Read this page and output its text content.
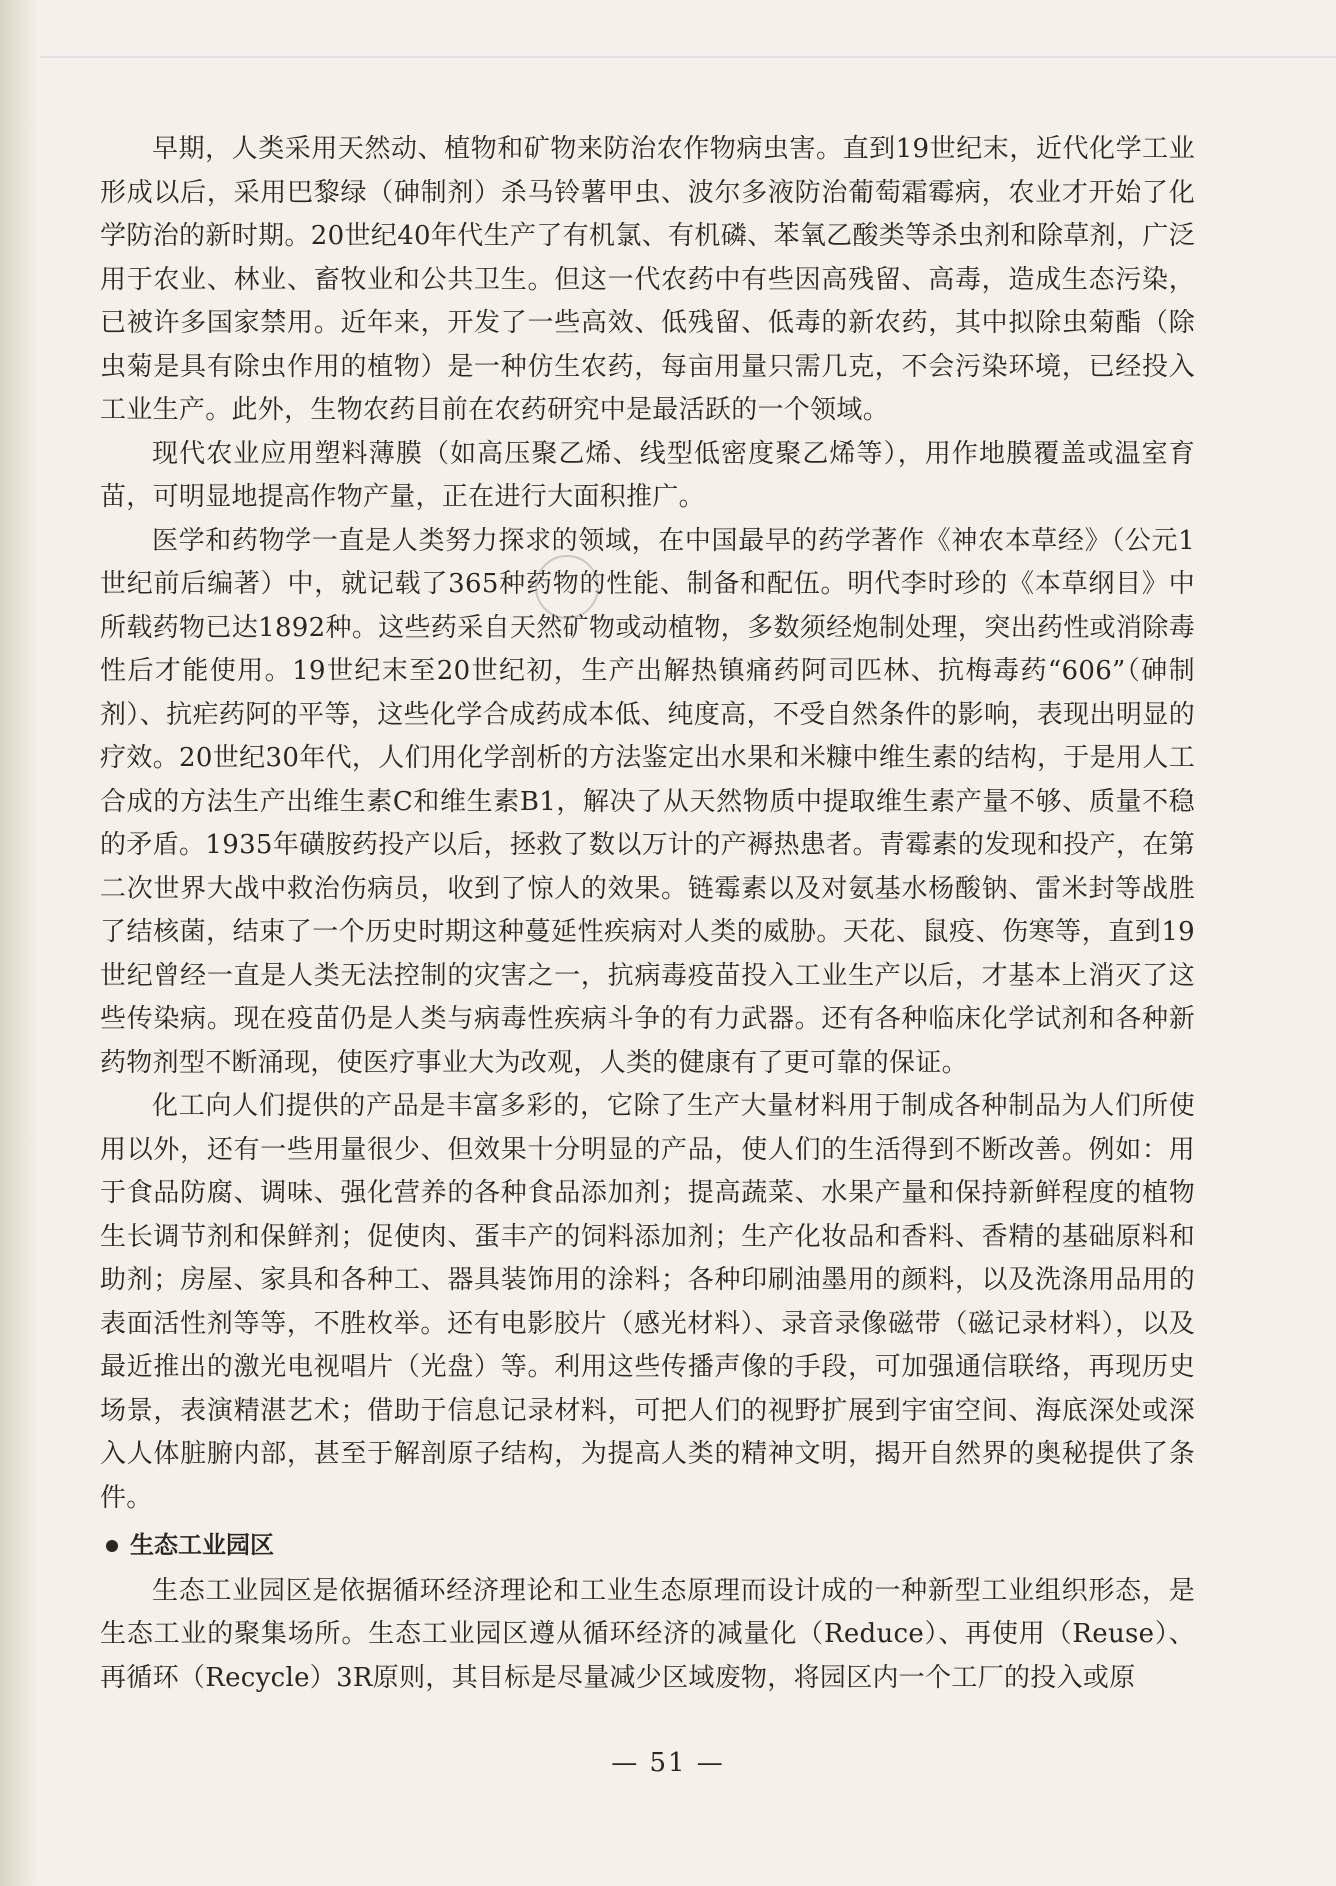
早期，人类采用天然动、植物和矿物来防治农作物病虫害。直到19世纪末，近代化学工业形成以后，采用巴黎绿（砷制剂）杀马铃薯甲虫、波尔多液防治葡萄霜霉病，农业才开始了化学防治的新时期。20世纪40年代生产了有机氯、有机磷、苯氧乙酸类等杀虫剂和除草剂，广泛用于农业、林业、畜牧业和公共卫生。但这一代农药中有些因高残留、高毒，造成生态污染，已被许多国家禁用。近年来，开发了一些高效、低残留、低毒的新农药，其中拟除虫菊酯（除虫菊是具有除虫作用的植物）是一种仿生农药，每亩用量只需几克，不会污染环境，已经投入工业生产。此外，生物农药目前在农药研究中是最活跃的一个领域。

现代农业应用塑料薄膜（如高压聚乙烯、线型低密度聚乙烯等），用作地膜覆盖或温室育苗，可明显地提高作物产量，正在进行大面积推广。

医学和药物学一直是人类努力探求的领域，在中国最早的药学著作《神农本草经》（公元1世纪前后编著）中，就记载了365种药物的性能、制备和配伍。明代李时珍的《本草纲目》中所载药物已达1892种。这些药采自天然矿物或动植物，多数须经炮制处理，突出药性或消除毒性后才能使用。19世纪末至20世纪初，生产出解热镇痛药阿司匹林、抗梅毒药“606”（砷制剂）、抗疟药阿的平等，这些化学合成药成本低、纯度高，不受自然条件的影响，表现出明显的疗效。20世纪30年代，人们用化学剖析的方法鉴定出水果和米糠中维生素的结构，于是用人工合成的方法生产出维生素C和维生素B1，解决了从天然物质中提取维生素产量不够、质量不稳的矛盾。1935年磺胺药投产以后，拯救了数以万计的产褥热患者。青霉素的发现和投产，在第二次世界大战中救治伤病员，收到了惊人的效果。链霉素以及对氨基水杨酸钠、雷米封等战胜了结核菌，结束了一个历史时期这种蔓延性疾病对人类的威胁。天花、鼠疫、伤寒等，直到19世纪曾经一直是人类无法控制的灾害之一，抗病毒疫苗投入工业生产以后，才基本上消灭了这些传染病。现在疫苗仍是人类与病毒性疾病斗争的有力武器。还有各种临床化学试剂和各种新药物剂型不断涌现，使医疗事业大为改观，人类的健康有了更可靠的保证。

化工向人们提供的产品是丰富多彩的，它除了生产大量材料用于制成各种制品为人们所使用以外，还有一些用量很少、但效果十分明显的产品，使人们的生活得到不断改善。例如：用于食品防腐、调味、强化营养的各种食品添加剂；提高蔬菜、水果产量和保持新鲜程度的植物生长调节剂和保鲜剂；促使肉、蛋丰产的饲料添加剂；生产化妆品和香料、香精的基础原料和助剂；房屋、家具和各种工、器具装饰用的涂料；各种印刷油墨用的颜料，以及洗涤用品用的表面活性剂等等，不胜枚举。还有电影胶片（感光材料）、录音录像磁带（磁记录材料），以及最近推出的激光电视唱片（光盘）等。利用这些传播声像的手段，可加强通信联络，再现历史场景，表演精湛艺术；借助于信息记录材料，可把人们的视野扩展到宇宙空间、海底深处或深入人体脏腑内部，甚至于解剖原子结构，为提高人类的精神文明，揭开自然界的奥秘提供了条件。

生态工业园区

生态工业园区是依据循环经济理论和工业生态原理而设计成的一种新型工业组织形态，是生态工业的聚集场所。生态工业园区遵从循环经济的减量化（Reduce）、再使用（Reuse）、再循环（Recycle）3R原则，其目标是尽量减少区域废物，将园区内一个工厂的投入或原

— 51 —
